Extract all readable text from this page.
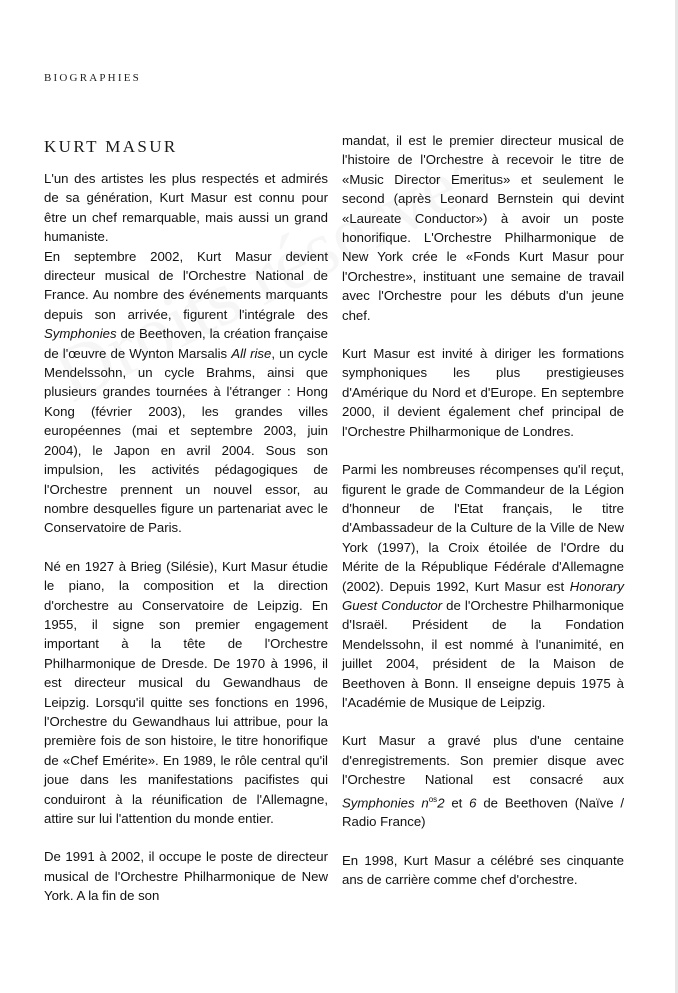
BIOGRAPHIES
KURT MASUR

L'un des artistes les plus respectés et admirés de sa génération, Kurt Masur est connu pour être un chef remarquable, mais aussi un grand humaniste.

En septembre 2002, Kurt Masur devient directeur musical de l'Orchestre National de France. Au nombre des événements marquants depuis son arrivée, figurent l'intégrale des Symphonies de Beethoven, la création française de l'œuvre de Wynton Marsalis All rise, un cycle Mendelssohn, un cycle Brahms, ainsi que plusieurs grandes tournées à l'étranger : Hong Kong (février 2003), les grandes villes européennes (mai et septembre 2003, juin 2004), le Japon en avril 2004. Sous son impulsion, les activités pédagogiques de l'Orchestre prennent un nouvel essor, au nombre desquelles figure un partenariat avec le Conservatoire de Paris.

Né en 1927 à Brieg (Silésie), Kurt Masur étudie le piano, la composition et la direction d'orchestre au Conservatoire de Leipzig. En 1955, il signe son premier engagement important à la tête de l'Orchestre Philharmonique de Dresde. De 1970 à 1996, il est directeur musical du Gewandhaus de Leipzig. Lorsqu'il quitte ses fonctions en 1996, l'Orchestre du Gewandhaus lui attribue, pour la première fois de son histoire, le titre honorifique de «Chef Emérite». En 1989, le rôle central qu'il joue dans les manifestations pacifistes qui conduiront à la réunification de l'Allemagne, attire sur lui l'attention du monde entier.

De 1991 à 2002, il occupe le poste de directeur musical de l'Orchestre Philharmonique de New York. A la fin de son

mandat, il est le premier directeur musical de l'histoire de l'Orchestre à recevoir le titre de «Music Director Emeritus» et seulement le second (après Leonard Bernstein qui devint «Laureate Conductor») à avoir un poste honorifique. L'Orchestre Philharmonique de New York crée le «Fonds Kurt Masur pour l'Orchestre», instituant une semaine de travail avec l'Orchestre pour les débuts d'un jeune chef.

Kurt Masur est invité à diriger les formations symphoniques les plus prestigieuses d'Amérique du Nord et d'Europe. En septembre 2000, il devient également chef principal de l'Orchestre Philharmonique de Londres.

Parmi les nombreuses récompenses qu'il reçut, figurent le grade de Commandeur de la Légion d'honneur de l'Etat français, le titre d'Ambassadeur de la Culture de la Ville de New York (1997), la Croix étoilée de l'Ordre du Mérite de la République Fédérale d'Allemagne (2002). Depuis 1992, Kurt Masur est Honorary Guest Conductor de l'Orchestre Philharmonique d'Israël. Président de la Fondation Mendelssohn, il est nommé à l'unanimité, en juillet 2004, président de la Maison de Beethoven à Bonn. Il enseigne depuis 1975 à l'Académie de Musique de Leipzig.

Kurt Masur a gravé plus d'une centaine d'enregistrements. Son premier disque avec l'Orchestre National est consacré aux Symphonies $n^{os}2$ et 6 de Beethoven (Naïve / Radio France)

En 1998, Kurt Masur a célébré ses cinquante ans de carrière comme chef d'orchestre.
